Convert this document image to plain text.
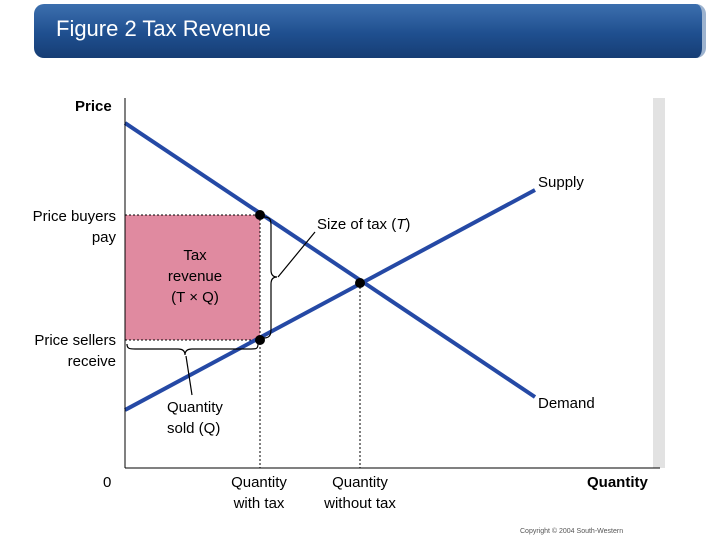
Figure 2 Tax Revenue
Price
Quantity
0
Supply
Demand
Price buyers
pay
Price sellers
receive
Size of tax (T)
Tax
revenue
(T × Q)
Quantity
sold (Q)
Quantity
with tax
Quantity
without tax
Copyright © 2004 South-Western
